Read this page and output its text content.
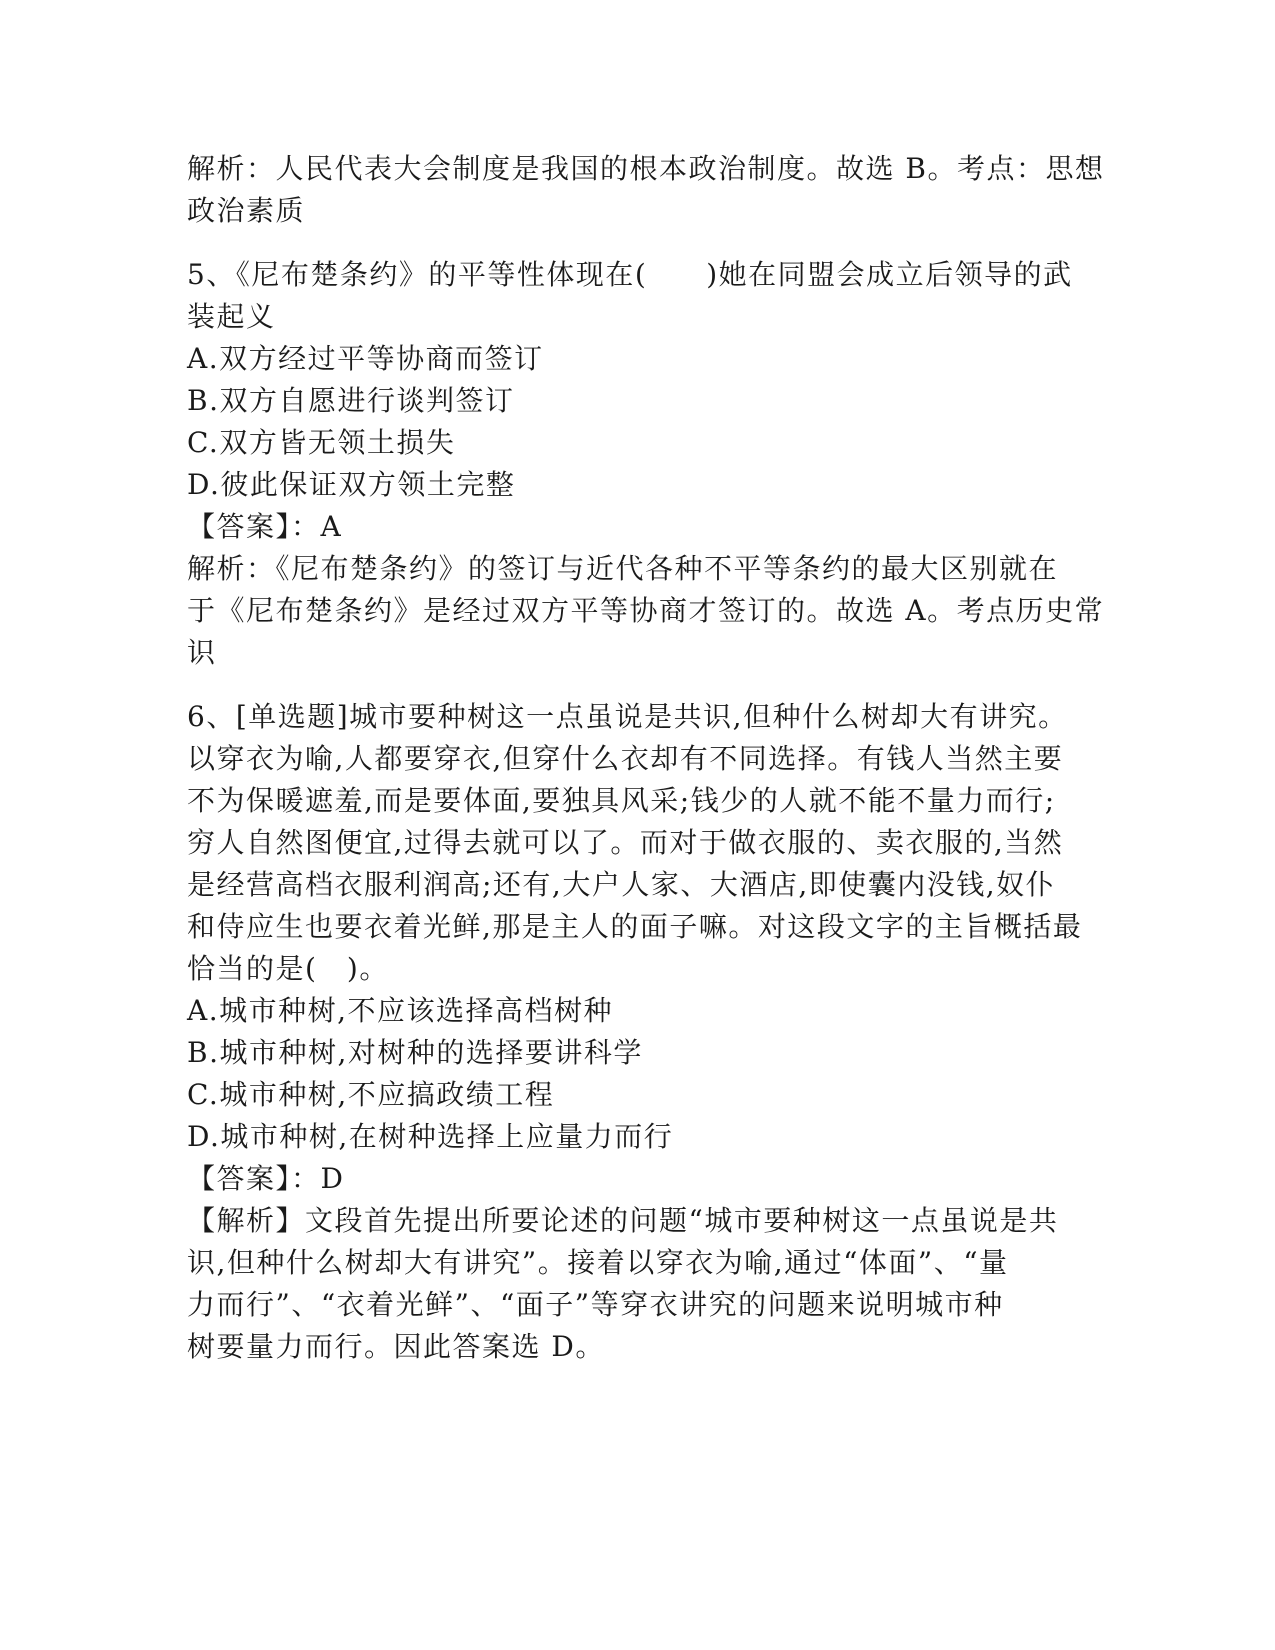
解析：人民代表大会制度是我国的根本政治制度。故选 B。考点：思想
政治素质
5、《尼布楚条约》的平等性体现在(　　)她在同盟会成立后领导的武
装起义
A.双方经过平等协商而签订
B.双方自愿进行谈判签订
C.双方皆无领土损失
D.彼此保证双方领土完整
【答案】：A
解析：《尼布楚条约》的签订与近代各种不平等条约的最大区别就在
于《尼布楚条约》是经过双方平等协商才签订的。故选 A。考点历史常
识
6、[单选题]城市要种树这一点虽说是共识,但种什么树却大有讲究。
以穿衣为喻,人都要穿衣,但穿什么衣却有不同选择。有钱人当然主要
不为保暖遮羞,而是要体面,要独具风采;钱少的人就不能不量力而行;
穷人自然图便宜,过得去就可以了。而对于做衣服的、卖衣服的,当然
是经营高档衣服利润高;还有,大户人家、大酒店,即使囊内没钱,奴仆
和侍应生也要衣着光鲜,那是主人的面子嘛。对这段文字的主旨概括最
恰当的是(　)。
A.城市种树,不应该选择高档树种
B.城市种树,对树种的选择要讲科学
C.城市种树,不应搞政绩工程
D.城市种树,在树种选择上应量力而行
【答案】：D
【解析】文段首先提出所要论述的问题“城市要种树这一点虽说是共
识,但种什么树却大有讲究”。接着以穿衣为喻,通过“体面”、“量
力而行”、“衣着光鲜”、“面子”等穿衣讲究的问题来说明城市种
树要量力而行。因此答案选 D。
